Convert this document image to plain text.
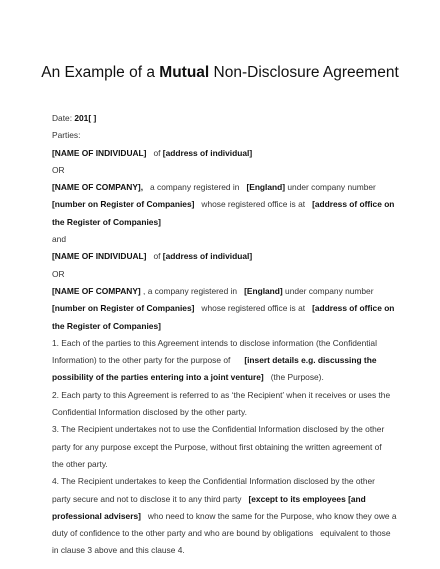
An Example of a Mutual Non-Disclosure Agreement
Date: 201[ ]
Parties:
[NAME OF INDIVIDUAL] of [address of individual]
OR
[NAME OF COMPANY], a company registered in [England] under company number
[number on Register of Companies] whose registered office is at [address of office on
the Register of Companies]
and
[NAME OF INDIVIDUAL] of [address of individual]
OR
[NAME OF COMPANY] , a company registered in [England] under company number
[number on Register of Companies] whose registered office is at [address of office on
the Register of Companies]
1. Each of the parties to this Agreement intends to disclose information (the Confidential
Information) to the other party for the purpose of [insert details e.g. discussing the
possibility of the parties entering into a joint venture] (the Purpose).
2. Each party to this Agreement is referred to as ‘the Recipient’ when it receives or uses the
Confidential Information disclosed by the other party.
3. The Recipient undertakes not to use the Confidential Information disclosed by the other
party for any purpose except the Purpose, without first obtaining the written agreement of
the other party.
4. The Recipient undertakes to keep the Confidential Information disclosed by the other
party secure and not to disclose it to any third party [except to its employees [and
professional advisers] who need to know the same for the Purpose, who know they owe a
duty of confidence to the other party and who are bound by obligations equivalent to those
in clause 3 above and this clause 4.
